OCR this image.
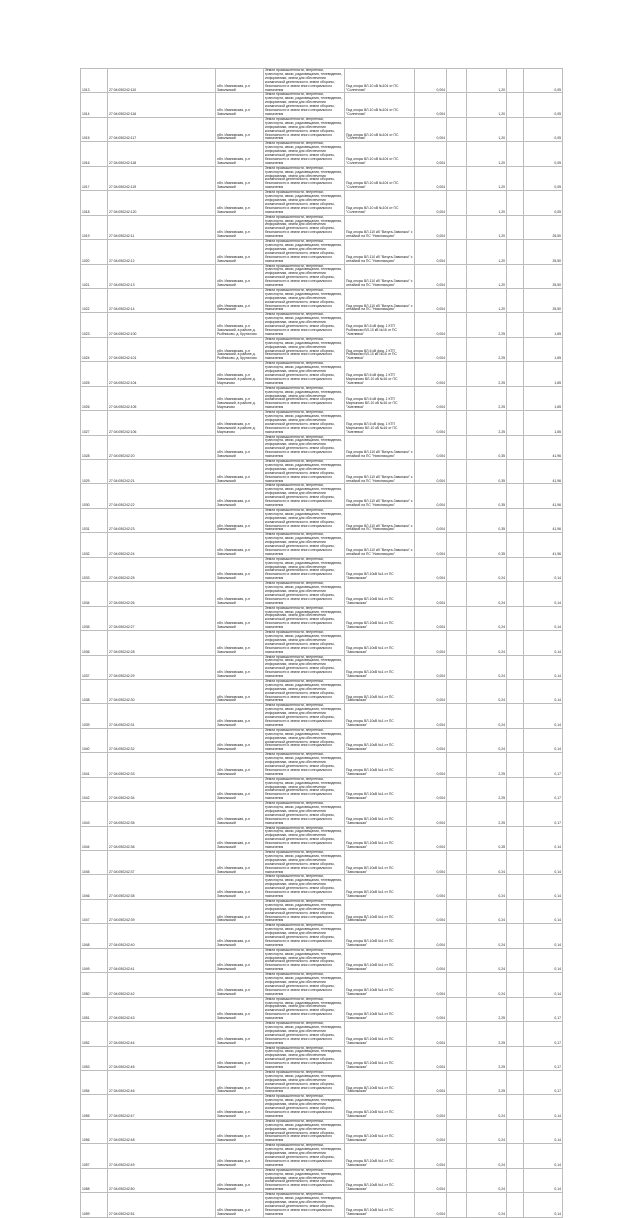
1013	27:04:050242:110	обл. Ивановская, р-н Заволжский	Земли промышленности, энергетики, транспорта, связи, радиовещания, телевидения, информатики, земли для обеспечения космической деятельности, земли обороны, безопасности и земли иного специального назначения	Под опоры ВЛ-10 кВ №104 от ПС "Солнечная"	0,004		1,20		0,05
1014	27:04:050242:116	обл. Ивановская, р-н Заволжский	Земли промышленности, энергетики, транспорта, связи, радиовещания, телевидения, информатики, земли для обеспечения космической деятельности, земли обороны, безопасности и земли иного специального назначения	Под опоры ВЛ-10 кВ №104 от ПС "Солнечная"	0,004		1,20		0,05
1015	27:04:050242:117	обл. Ивановская, р-н Заволжский	Земли промышленности, энергетики, транспорта, связи, радиовещания, телевидения, информатики, земли для обеспечения космической деятельности, земли обороны, безопасности и земли иного специального назначения	Под опоры ВЛ-10 кВ №104 от ПС "Солнечная"	0,004		1,20		0,05
1016	27:04:050242:118	обл. Ивановская, р-н Заволжский	Земли промышленности, энергетики, транспорта, связи, радиовещания, телевидения, информатики, земли для обеспечения космической деятельности, земли обороны, безопасности и земли иного специального назначения	Под опоры ВЛ-10 кВ №104 от ПС "Солнечная"	0,004		1,20		0,05
1017	27:04:050242:119	обл. Ивановская, р-н Заволжский	Земли промышленности, энергетики, транспорта, связи, радиовещания, телевидения, информатики, земли для обеспечения космической деятельности, земли обороны, безопасности и земли иного специального назначения	Под опоры ВЛ-10 кВ №104 от ПС "Солнечная"	0,004		1,20		0,05
1018	27:04:050242:120	обл. Ивановская, р-н Заволжский	Земли промышленности, энергетики, транспорта, связи, радиовещания, телевидения, информатики, земли для обеспечения космической деятельности, земли обороны, безопасности и земли иного специального назначения	Под опоры ВЛ-10 кВ №104 от ПС "Солнечная"	0,004		1,20		0,05
1019	27:04:050242:11	обл. Ивановская, р-н Заволжский	Земли промышленности, энергетики, транспорта, связи, радиовещания, телевидения, информатики, земли для обеспечения космической деятельности, земли обороны, безопасности и земли иного специального назначения	Под опоры ВЛ-110 кВ "Вичуга-Заволжск" с отпайкой на ПС "Новописцово"	0,004		1,20		25,50
1020	27:04:050242:12	обл. Ивановская, р-н Заволжский	Земли промышленности, энергетики, транспорта, связи, радиовещания, телевидения, информатики, земли для обеспечения космической деятельности, земли обороны, безопасности и земли иного специального назначения	Под опоры ВЛ-110 кВ "Вичуга-Заволжск" с отпайкой на ПС "Новописцово"	0,004		1,20		25,50
1021	27:04:050242:13	обл. Ивановская, р-н Заволжский	Земли промышленности, энергетики, транспорта, связи, радиовещания, телевидения, информатики, земли для обеспечения космической деятельности, земли обороны, безопасности и земли иного специального назначения	Под опоры ВЛ-110 кВ "Вичуга-Заволжск" с отпайкой на ПС "Новописцово"	0,004		1,20		25,50
1022	27:04:050242:14	обл. Ивановская, р-н Заволжский	Земли промышленности, энергетики, транспорта, связи, радиовещания, телевидения, информатики, земли для обеспечения космической деятельности, земли обороны, безопасности и земли иного специального назначения	Под опоры ВЛ-110 кВ "Вичуга-Заволжск" с отпайкой на ПС "Новописцово"	0,004		1,20		25,50
1023	27:04:050242:100	обл. Ивановская, р-н Заволжский, в районе д. Рыбниково, д. Крутилово	Земли промышленности, энергетики, транспорта, связи, радиовещания, телевидения, информатики, земли для обеспечения космической деятельности, земли обороны, безопасности и земли иного специального назначения	Под опоры ВЛ-6 кВ фид. 1 КТП Рыбниково ВЛ-10 кВ №16 от ПС "Хмелевка"	0,004		2,25		1,65
1024	27:04:050242:101	обл. Ивановская, р-н Заволжский, в районе д. Рыбниково, д. Крутилово	Земли промышленности, энергетики, транспорта, связи, радиовещания, телевидения, информатики, земли для обеспечения космической деятельности, земли обороны, безопасности и земли иного специального назначения	Под опоры ВЛ-6 кВ фид. 1 КТП Рыбниково ВЛ-10 кВ №16 от ПС "Хмелевка"	0,004		2,25		1,65
1025	27:04:050242:104	обл. Ивановская, р-н Заволжский, в районе д. Мартыново	Земли промышленности, энергетики, транспорта, связи, радиовещания, телевидения, информатики, земли для обеспечения космической деятельности, земли обороны, безопасности и земли иного специального назначения	Под опоры ВЛ-6 кВ фид. 1 КТП Мартыново ВЛ-10 кВ №16 от ПС "Хмелевка"	0,004		2,25		1,65
1026	27:04:050242:105	обл. Ивановская, р-н Заволжский, в районе д. Мартыново	Земли промышленности, энергетики, транспорта, связи, радиовещания, телевидения, информатики, земли для обеспечения космической деятельности, земли обороны, безопасности и земли иного специального назначения	Под опоры ВЛ-6 кВ фид. 1 КТП Мартыново ВЛ-10 кВ №16 от ПС "Хмелевка"	0,004		2,25		1,65
1027	27:04:050242:106	обл. Ивановская, р-н Заволжский, в районе д. Мартыново	Земли промышленности, энергетики, транспорта, связи, радиовещания, телевидения, информатики, земли для обеспечения космической деятельности, земли обороны, безопасности и земли иного специального назначения	Под опоры ВЛ-6 кВ фид. 1 КТП Мартыново ВЛ-10 кВ №16 от ПС "Хмелевка"	0,004		2,25		1,65
1028	27:04:050242:20	обл. Ивановская, р-н Заволжский	Земли промышленности, энергетики, транспорта, связи, радиовещания, телевидения, информатики, земли для обеспечения космической деятельности, земли обороны, безопасности и земли иного специального назначения	Под опоры ВЛ-110 кВ "Вичуга-Заволжск" с отпайкой на ПС "Новописцово"	0,004		0,35		41,96
1029	27:04:050242:21	обл. Ивановская, р-н Заволжский	Земли промышленности, энергетики, транспорта, связи, радиовещания, телевидения, информатики, земли для обеспечения космической деятельности, земли обороны, безопасности и земли иного специального назначения	Под опоры ВЛ-110 кВ "Вичуга-Заволжск" с отпайкой на ПС "Новописцово"	0,004		0,35		41,96
1030	27:04:050242:22	обл. Ивановская, р-н Заволжский	Земли промышленности, энергетики, транспорта, связи, радиовещания, телевидения, информатики, земли для обеспечения космической деятельности, земли обороны, безопасности и земли иного специального назначения	Под опоры ВЛ-110 кВ "Вичуга-Заволжск" с отпайкой на ПС "Новописцово"	0,004		0,35		41,96
1031	27:04:050242:23	обл. Ивановская, р-н Заволжский	Земли промышленности, энергетики, транспорта, связи, радиовещания, телевидения, информатики, земли для обеспечения космической деятельности, земли обороны, безопасности и земли иного специального назначения	Под опоры ВЛ-110 кВ "Вичуга-Заволжск" с отпайкой на ПС "Новописцово"	0,004		0,35		41,96
1032	27:04:050242:24	обл. Ивановская, р-н Заволжский	Земли промышленности, энергетики, транспорта, связи, радиовещания, телевидения, информатики, земли для обеспечения космической деятельности, земли обороны, безопасности и земли иного специального назначения	Под опоры ВЛ-110 кВ "Вичуга-Заволжск" с отпайкой на ПС "Новописцово"	0,004		0,35		41,96
1033	27:04:050242:25	обл. Ивановская, р-н Заволжский	Земли промышленности, энергетики, транспорта, связи, радиовещания, телевидения, информатики, земли для обеспечения космической деятельности, земли обороны, безопасности и земли иного специального назначения	Под опоры ВЛ-10кВ №1 от ПС "Заволжская"	0,004		0,24		0,14
1034	27:04:050242:26	обл. Ивановская, р-н Заволжский	Земли промышленности, энергетики, транспорта, связи, радиовещания, телевидения, информатики, земли для обеспечения космической деятельности, земли обороны, безопасности и земли иного специального назначения	Под опоры ВЛ-10кВ №1 от ПС "Заволжская"	0,004		0,24		0,14
1035	27:04:050242:27	обл. Ивановская, р-н Заволжский	Земли промышленности, энергетики, транспорта, связи, радиовещания, телевидения, информатики, земли для обеспечения космической деятельности, земли обороны, безопасности и земли иного специального назначения	Под опоры ВЛ-10кВ №1 от ПС "Заволжская"	0,004		0,24		0,14
1036	27:04:050242:28	обл. Ивановская, р-н Заволжский	Земли промышленности, энергетики, транспорта, связи, радиовещания, телевидения, информатики, земли для обеспечения космической деятельности, земли обороны, безопасности и земли иного специального назначения	Под опоры ВЛ-10кВ №1 от ПС "Заволжская"	0,004		0,24		0,14
1037	27:04:050242:29	обл. Ивановская, р-н Заволжский	Земли промышленности, энергетики, транспорта, связи, радиовещания, телевидения, информатики, земли для обеспечения космической деятельности, земли обороны, безопасности и земли иного специального назначения	Под опоры ВЛ-10кВ №1 от ПС "Заволжская"	0,004		0,24		0,14
1038	27:04:050242:30	обл. Ивановская, р-н Заволжский	Земли промышленности, энергетики, транспорта, связи, радиовещания, телевидения, информатики, земли для обеспечения космической деятельности, земли обороны, безопасности и земли иного специального назначения	Под опоры ВЛ-10кВ №1 от ПС "Заволжская"	0,004		0,24		0,14
1039	27:04:050242:31	обл. Ивановская, р-н Заволжский	Земли промышленности, энергетики, транспорта, связи, радиовещания, телевидения, информатики, земли для обеспечения космической деятельности, земли обороны, безопасности и земли иного специального назначения	Под опоры ВЛ-10кВ №1 от ПС "Заволжская"	0,004		0,24		0,14
1040	27:04:050242:32	обл. Ивановская, р-н Заволжский	Земли промышленности, энергетики, транспорта, связи, радиовещания, телевидения, информатики, земли для обеспечения космической деятельности, земли обороны, безопасности и земли иного специального назначения	Под опоры ВЛ-10кВ №1 от ПС "Заволжская"	0,004		0,24		0,14
1041	27:04:050242:33	обл. Ивановская, р-н Заволжский	Земли промышленности, энергетики, транспорта, связи, радиовещания, телевидения, информатики, земли для обеспечения космической деятельности, земли обороны, безопасности и земли иного специального назначения	Под опоры ВЛ-10кВ №1 от ПС "Заволжская"	0,004		2,25		0,17
1042	27:04:050242:34	обл. Ивановская, р-н Заволжский	Земли промышленности, энергетики, транспорта, связи, радиовещания, телевидения, информатики, земли для обеспечения космической деятельности, земли обороны, безопасности и земли иного специального назначения	Под опоры ВЛ-10кВ №1 от ПС "Заволжская"	0,004		2,25		0,17
1043	27:04:050242:35	обл. Ивановская, р-н Заволжский	Земли промышленности, энергетики, транспорта, связи, радиовещания, телевидения, информатики, земли для обеспечения космической деятельности, земли обороны, безопасности и земли иного специального назначения	Под опоры ВЛ-10кВ №1 от ПС "Заволжская"	0,004		2,25		0,17
1044	27:04:050242:36	обл. Ивановская, р-н Заволжский	Земли промышленности, энергетики, транспорта, связи, радиовещания, телевидения, информатики, земли для обеспечения космической деятельности, земли обороны, безопасности и земли иного специального назначения	Под опоры ВЛ-10кВ №1 от ПС "Заволжская"	0,004		0,28		0,14
1045	27:04:050242:37	обл. Ивановская, р-н Заволжский	Земли промышленности, энергетики, транспорта, связи, радиовещания, телевидения, информатики, земли для обеспечения космической деятельности, земли обороны, безопасности и земли иного специального назначения	Под опоры ВЛ-10кВ №1 от ПС "Заволжская"	0,004		0,24		0,14
1046	27:04:050242:38	обл. Ивановская, р-н Заволжский	Земли промышленности, энергетики, транспорта, связи, радиовещания, телевидения, информатики, земли для обеспечения космической деятельности, земли обороны, безопасности и земли иного специального назначения	Под опоры ВЛ-10кВ №1 от ПС "Заволжская"	0,004		0,24		0,14
1047	27:04:050242:39	обл. Ивановская, р-н Заволжский	Земли промышленности, энергетики, транспорта, связи, радиовещания, телевидения, информатики, земли для обеспечения космической деятельности, земли обороны, безопасности и земли иного специального назначения	Под опоры ВЛ-10кВ №1 от ПС "Заволжская"	0,004		0,24		0,14
1048	27:04:050242:40	обл. Ивановская, р-н Заволжский	Земли промышленности, энергетики, транспорта, связи, радиовещания, телевидения, информатики, земли для обеспечения космической деятельности, земли обороны, безопасности и земли иного специального назначения	Под опоры ВЛ-10кВ №1 от ПС "Заволжская"	0,004		0,24		0,14
1049	27:04:050242:41	обл. Ивановская, р-н Заволжский	Земли промышленности, энергетики, транспорта, связи, радиовещания, телевидения, информатики, земли для обеспечения космической деятельности, земли обороны, безопасности и земли иного специального назначения	Под опоры ВЛ-10кВ №1 от ПС "Заволжская"	0,004		0,24		0,14
1050	27:04:050242:42	обл. Ивановская, р-н Заволжский	Земли промышленности, энергетики, транспорта, связи, радиовещания, телевидения, информатики, земли для обеспечения космической деятельности, земли обороны, безопасности и земли иного специального назначения	Под опоры ВЛ-10кВ №1 от ПС "Заволжская"	0,004		0,24		0,14
1051	27:04:050242:43	обл. Ивановская, р-н Заволжский	Земли промышленности, энергетики, транспорта, связи, радиовещания, телевидения, информатики, земли для обеспечения космической деятельности, земли обороны, безопасности и земли иного специального назначения	Под опоры ВЛ-10кВ №1 от ПС "Заволжская"	0,004		2,25		0,17
1052	27:04:050242:44	обл. Ивановская, р-н Заволжский	Земли промышленности, энергетики, транспорта, связи, радиовещания, телевидения, информатики, земли для обеспечения космической деятельности, земли обороны, безопасности и земли иного специального назначения	Под опоры ВЛ-10кВ №1 от ПС "Заволжская"	0,004		2,25		0,17
1053	27:04:050242:45	обл. Ивановская, р-н Заволжский	Земли промышленности, энергетики, транспорта, связи, радиовещания, телевидения, информатики, земли для обеспечения космической деятельности, земли обороны, безопасности и земли иного специального назначения	Под опоры ВЛ-10кВ №1 от ПС "Заволжская"	0,004		2,25		0,17
1054	27:04:050242:46	обл. Ивановская, р-н Заволжский	Земли промышленности, энергетики, транспорта, связи, радиовещания, телевидения, информатики, земли для обеспечения космической деятельности, земли обороны, безопасности и земли иного специального назначения	Под опоры ВЛ-10кВ №1 от ПС "Заволжская"	0,004		2,25		0,17
1055	27:04:050242:47	обл. Ивановская, р-н Заволжский	Земли промышленности, энергетики, транспорта, связи, радиовещания, телевидения, информатики, земли для обеспечения космической деятельности, земли обороны, безопасности и земли иного специального назначения	Под опоры ВЛ-10кВ №1 от ПС "Заволжская"	0,004		0,24		0,14
1056	27:04:050242:48	обл. Ивановская, р-н Заволжский	Земли промышленности, энергетики, транспорта, связи, радиовещания, телевидения, информатики, земли для обеспечения космической деятельности, земли обороны, безопасности и земли иного специального назначения	Под опоры ВЛ-10кВ №1 от ПС "Заволжская"	0,004		0,24		0,14
1057	27:04:050242:49	обл. Ивановская, р-н Заволжский	Земли промышленности, энергетики, транспорта, связи, радиовещания, телевидения, информатики, земли для обеспечения космической деятельности, земли обороны, безопасности и земли иного специального назначения	Под опоры ВЛ-10кВ №1 от ПС "Заволжская"	0,004		0,24		0,14
1058	27:04:050242:50	обл. Ивановская, р-н Заволжский	Земли промышленности, энергетики, транспорта, связи, радиовещания, телевидения, информатики, земли для обеспечения космической деятельности, земли обороны, безопасности и земли иного специального назначения	Под опоры ВЛ-10кВ №1 от ПС "Заволжская"	0,004		0,24		0,14
1059	27:04:050242:51	обл. Ивановская, р-н Заволжский	Земли промышленности, энергетики, транспорта, связи, радиовещания, телевидения, информатики, земли для обеспечения космической деятельности, земли обороны, безопасности и земли иного специального назначения	Под опоры ВЛ-10кВ №1 от ПС "Заволжская"	0,004		0,24		0,14
